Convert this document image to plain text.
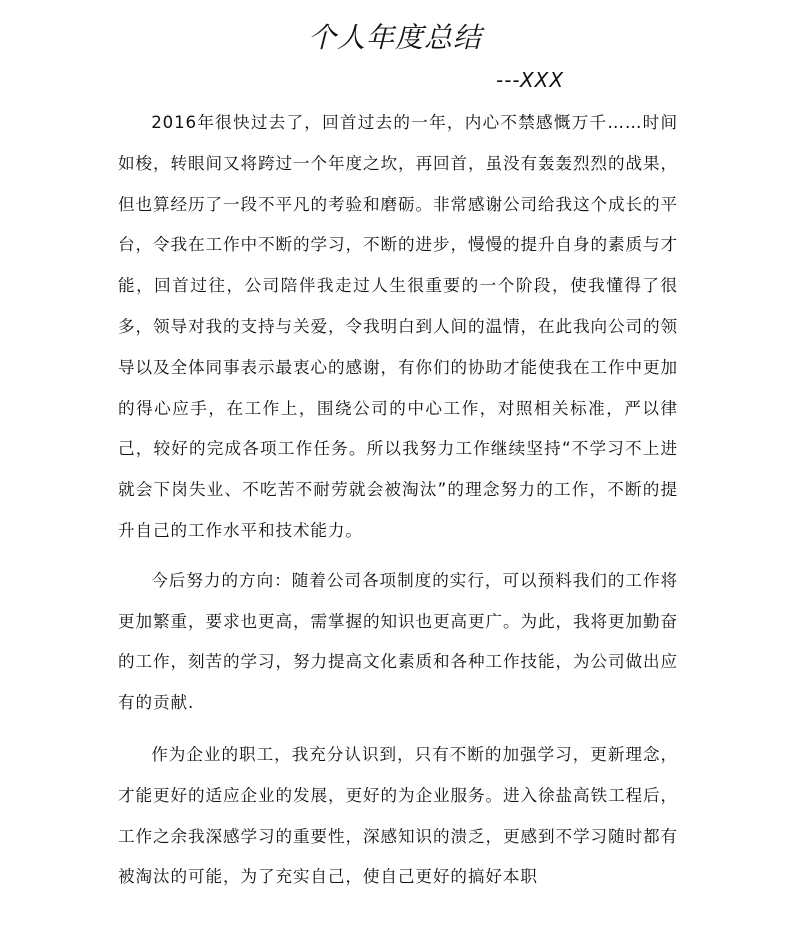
个人年度总结
---XXX

2016年很快过去了，回首过去的一年，内心不禁感慨万千……时间如梭，转眼间又将跨过一个年度之坎，再回首，虽没有轰轰烈烈的战果，但也算经历了一段不平凡的考验和磨砺。非常感谢公司给我这个成长的平台，令我在工作中不断的学习，不断的进步，慢慢的提升自身的素质与才能，回首过往，公司陪伴我走过人生很重要的一个阶段，使我懂得了很多，领导对我的支持与关爱，令我明白到人间的温情，在此我向公司的领导以及全体同事表示最衷心的感谢，有你们的协助才能使我在工作中更加的得心应手，在工作上，围绕公司的中心工作，对照相关标准，严以律己，较好的完成各项工作任务。所以我努力工作继续坚持“不学习不上进就会下岗失业、不吃苦不耐劳就会被淘汰”的理念努力的工作，不断的提升自己的工作水平和技术能力。

今后努力的方向：随着公司各项制度的实行，可以预料我们的工作将更加繁重，要求也更高，需掌握的知识也更高更广。为此，我将更加勤奋的工作，刻苦的学习，努力提高文化素质和各种工作技能，为公司做出应有的贡献.

作为企业的职工，我充分认识到，只有不断的加强学习，更新理念，才能更好的适应企业的发展，更好的为企业服务。进入徐盐高铁工程后，工作之余我深感学习的重要性，深感知识的溃乏，更感到不学习随时都有被淘汰的可能，为了充实自己，使自己更好的搞好本职
